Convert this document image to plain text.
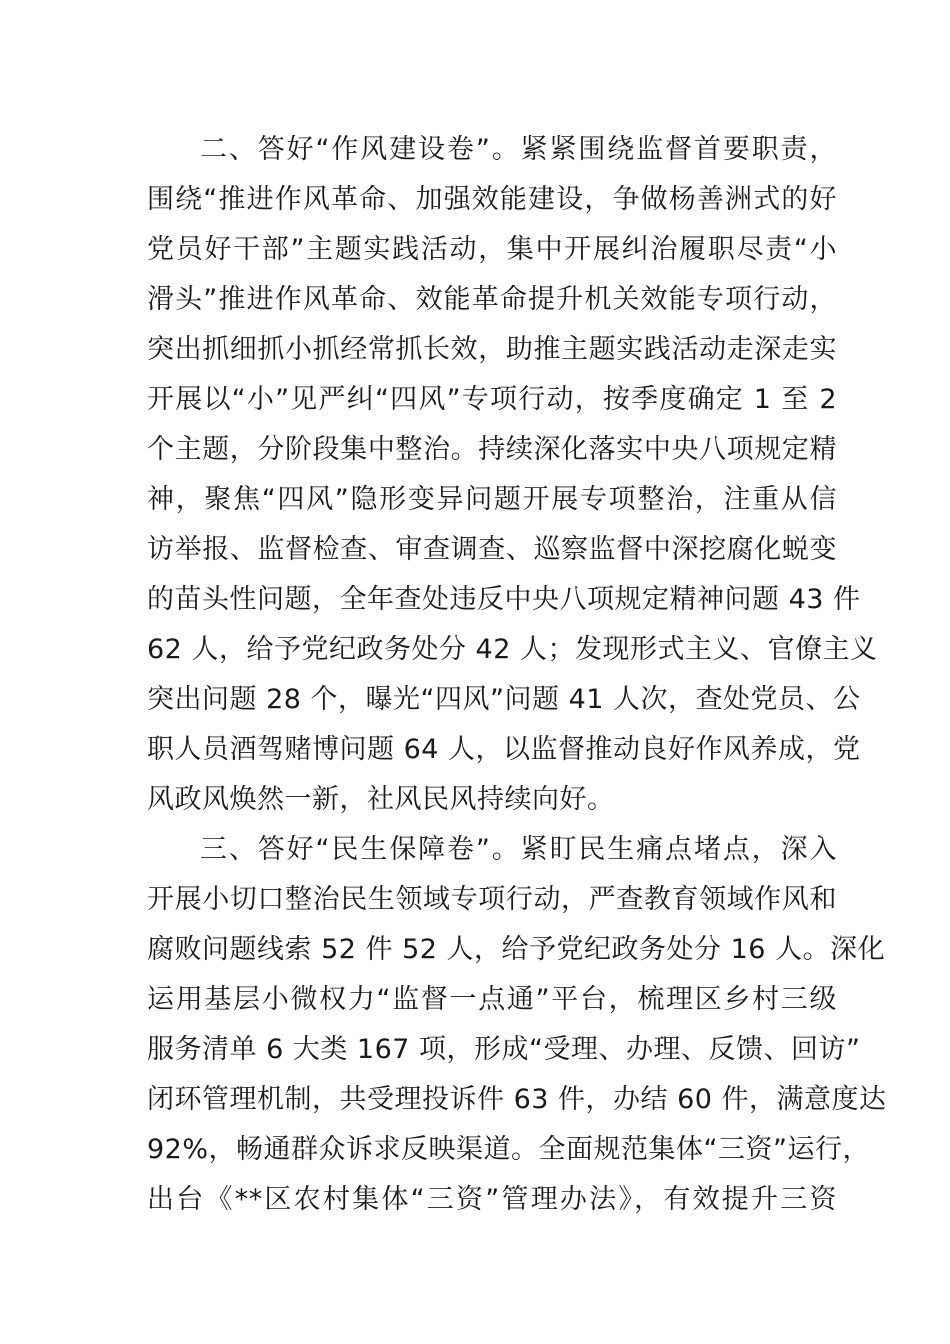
二、答好“作风建设卷”。紧紧围绕监督首要职责，
围绕“推进作风革命、加强效能建设，争做杨善洲式的好
党员好干部”主题实践活动，集中开展纠治履职尽责“小
滑头”推进作风革命、效能革命提升机关效能专项行动，
突出抓细抓小抓经常抓长效，助推主题实践活动走深走实
开展以“小”见严纠“四风”专项行动，按季度确定 1 至 2
个主题，分阶段集中整治。持续深化落实中央八项规定精
神，聚焦“四风”隐形变异问题开展专项整治，注重从信
访举报、监督检查、审查调查、巡察监督中深挖腐化蜕变
的苗头性问题，全年查处违反中央八项规定精神问题 43 件
62 人，给予党纪政务处分 42 人；发现形式主义、官僚主义
突出问题 28 个，曝光“四风”问题 41 人次，查处党员、公
职人员酒驾赌博问题 64 人，以监督推动良好作风养成，党
风政风焕然一新，社风民风持续向好。
三、答好“民生保障卷”。紧盯民生痛点堵点，深入
开展小切口整治民生领域专项行动，严查教育领域作风和
腐败问题线索 52 件 52 人，给予党纪政务处分 16 人。深化
运用基层小微权力“监督一点通”平台，梳理区乡村三级
服务清单 6 大类 167 项，形成“受理、办理、反馈、回访”
闭环管理机制，共受理投诉件 63 件，办结 60 件，满意度达
92%，畅通群众诉求反映渠道。全面规范集体“三资”运行，
出台《**区农村集体“三资”管理办法》，有效提升三资
